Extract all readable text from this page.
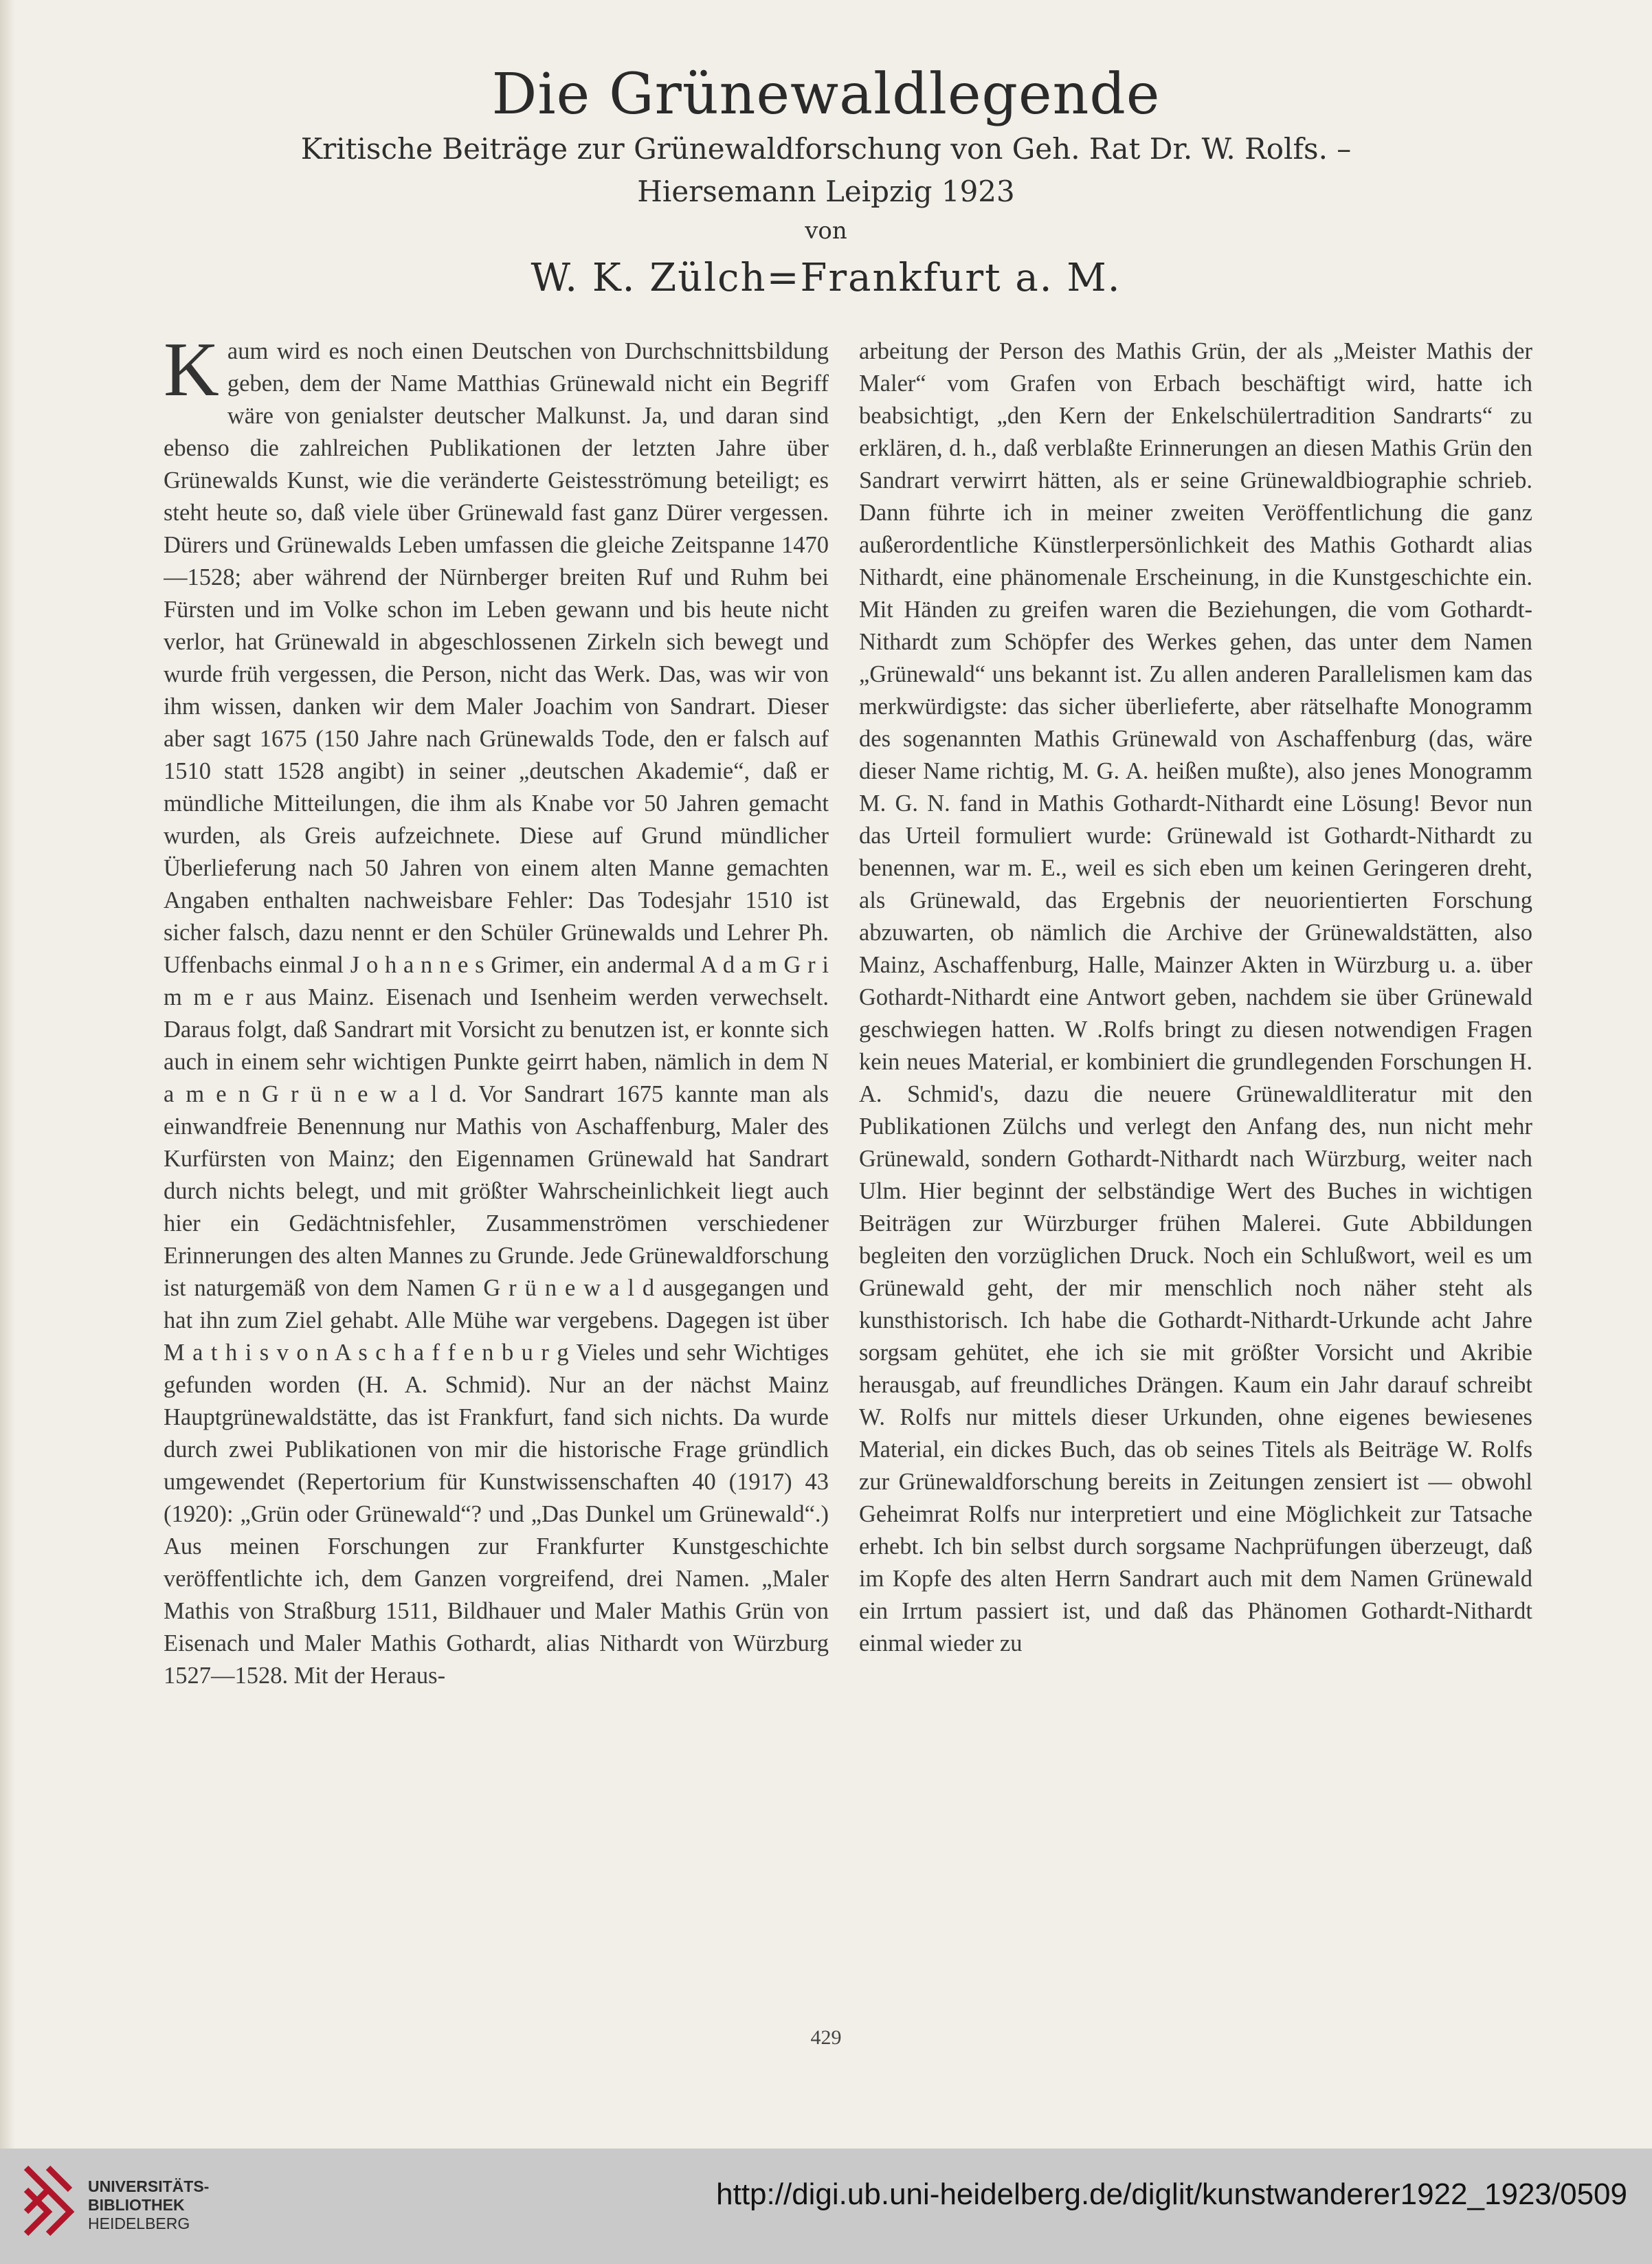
Die Grünewaldlegende
Kritische Beiträge zur Grünewaldforschung von Geh. Rat Dr. W. Rolfs. –
Hiersemann Leipzig 1923
von
W. K. Zülch=Frankfurt a. M.
K aum wird es noch einen Deutschen von Durchschnittsbildung geben, dem der Name Matthias Grünewald nicht ein Begriff wäre von genialster deutscher Malkunst. Ja, und daran sind ebenso die zahlreichen Publikationen der letzten Jahre über Grünewalds Kunst, wie die veränderte Geistesströmung beteiligt; es steht heute so, daß viele über Grünewald fast ganz Dürer vergessen. Dürers und Grünewalds Leben umfassen die gleiche Zeitspanne 1470—1528; aber während der Nürnberger breiten Ruf und Ruhm bei Fürsten und im Volke schon im Leben gewann und bis heute nicht verlor, hat Grünewald in abgeschlossenen Zirkeln sich bewegt und wurde früh vergessen, die Person, nicht das Werk. Das, was wir von ihm wissen, danken wir dem Maler Joachim von Sandrart. Dieser aber sagt 1675 (150 Jahre nach Grünewalds Tode, den er falsch auf 1510 statt 1528 angibt) in seiner „deutschen Akademie“, daß er mündliche Mitteilungen, die ihm als Knabe vor 50 Jahren gemacht wurden, als Greis aufzeichnete. Diese auf Grund mündlicher Überlieferung nach 50 Jahren von einem alten Manne gemachten Angaben enthalten nachweisbare Fehler: Das Todesjahr 1510 ist sicher falsch, dazu nennt er den Schüler Grünewalds und Lehrer Ph. Uffenbachs einmal J o h a n n e s Grimer, ein andermal A d a m G r i m m e r aus Mainz. Eisenach und Isenheim werden verwechselt. Daraus folgt, daß Sandrart mit Vorsicht zu benutzen ist, er konnte sich auch in einem sehr wichtigen Punkte geirrt haben, nämlich in dem N a m e n G r ü n e w a l d. Vor Sandrart 1675 kannte man als einwandfreie Benennung nur Mathis von Aschaffenburg, Maler des Kurfürsten von Mainz; den Eigennamen Grünewald hat Sandrart durch nichts belegt, und mit größter Wahrscheinlichkeit liegt auch hier ein Gedächtnisfehler, Zusammenströmen verschiedener Erinnerungen des alten Mannes zu Grunde. Jede Grünewaldforschung ist naturgemäß von dem Namen G r ü n e w a l d ausgegangen und hat ihn zum Ziel gehabt. Alle Mühe war vergebens. Dagegen ist über M a t h i s v o n A s c h a f f e n b u r g Vieles und sehr Wichtiges gefunden worden (H. A. Schmid). Nur an der nächst Mainz Hauptgrünewaldstätte, das ist Frankfurt, fand sich nichts. Da wurde durch zwei Publikationen von mir die historische Frage gründlich umgewendet (Repertorium für Kunstwissenschaften 40 (1917) 43 (1920): „Grün oder Grünewald“? und „Das Dunkel um Grünewald“.) Aus meinen Forschungen zur Frankfurter Kunstgeschichte veröffentlichte ich, dem Ganzen vorgreifend, drei Namen. „Maler Mathis von Straßburg 1511, Bildhauer und Maler Mathis Grün von Eisenach und Maler Mathis Gothardt, alias Nithardt von Würzburg 1527—1528. Mit der Heraus-
arbeitung der Person des Mathis Grün, der als „Meister Mathis der Maler“ vom Grafen von Erbach beschäftigt wird, hatte ich beabsichtigt, „den Kern der Enkelschülertradition Sandrarts“ zu erklären, d. h., daß verblaßte Erinnerungen an diesen Mathis Grün den Sandrart verwirrt hätten, als er seine Grünewaldbiographie schrieb. Dann führte ich in meiner zweiten Veröffentlichung die ganz außerordentliche Künstlerpersönlichkeit des Mathis Gothardt alias Nithardt, eine phänomenale Erscheinung, in die Kunstgeschichte ein. Mit Händen zu greifen waren die Beziehungen, die vom Gothardt-Nithardt zum Schöpfer des Werkes gehen, das unter dem Namen „Grünewald“ uns bekannt ist. Zu allen anderen Parallelismen kam das merkwürdigste: das sicher überlieferte, aber rätselhafte Monogramm des sogenannten Mathis Grünewald von Aschaffenburg (das, wäre dieser Name richtig, M. G. A. heißen mußte), also jenes Monogramm M. G. N. fand in Mathis Gothardt-Nithardt eine Lösung! Bevor nun das Urteil formuliert wurde: Grünewald ist Gothardt-Nithardt zu benennen, war m. E., weil es sich eben um keinen Geringeren dreht, als Grünewald, das Ergebnis der neuorientierten Forschung abzuwarten, ob nämlich die Archive der Grünewaldstätten, also Mainz, Aschaffenburg, Halle, Mainzer Akten in Würzburg u. a. über Gothardt-Nithardt eine Antwort geben, nachdem sie über Grünewald geschwiegen hatten. W .Rolfs bringt zu diesen notwendigen Fragen kein neues Material, er kombiniert die grundlegenden Forschungen H. A. Schmid's, dazu die neuere Grünewaldliteratur mit den Publikationen Zülchs und verlegt den Anfang des, nun nicht mehr Grünewald, sondern Gothardt-Nithardt nach Würzburg, weiter nach Ulm. Hier beginnt der selbständige Wert des Buches in wichtigen Beiträgen zur Würzburger frühen Malerei. Gute Abbildungen begleiten den vorzüglichen Druck. Noch ein Schlußwort, weil es um Grünewald geht, der mir menschlich noch näher steht als kunsthistorisch. Ich habe die Gothardt-Nithardt-Urkunde acht Jahre sorgsam gehütet, ehe ich sie mit größter Vorsicht und Akribie herausgab, auf freundliches Drängen. Kaum ein Jahr darauf schreibt W. Rolfs nur mittels dieser Urkunden, ohne eigenes bewiesenes Material, ein dickes Buch, das ob seines Titels als Beiträge W. Rolfs zur Grünewaldforschung bereits in Zeitungen zensiert ist — obwohl Geheimrat Rolfs nur interpretiert und eine Möglichkeit zur Tatsache erhebt. Ich bin selbst durch sorgsame Nachprüfungen überzeugt, daß im Kopfe des alten Herrn Sandrart auch mit dem Namen Grünewald ein Irrtum passiert ist, und daß das Phänomen Gothardt-Nithardt einmal wieder zu
429
UNIVERSITÄTS-
BIBLIOTHEK
HEIDELBERG
http://digi.ub.uni-heidelberg.de/diglit/kunstwanderer1922_1923/0509
